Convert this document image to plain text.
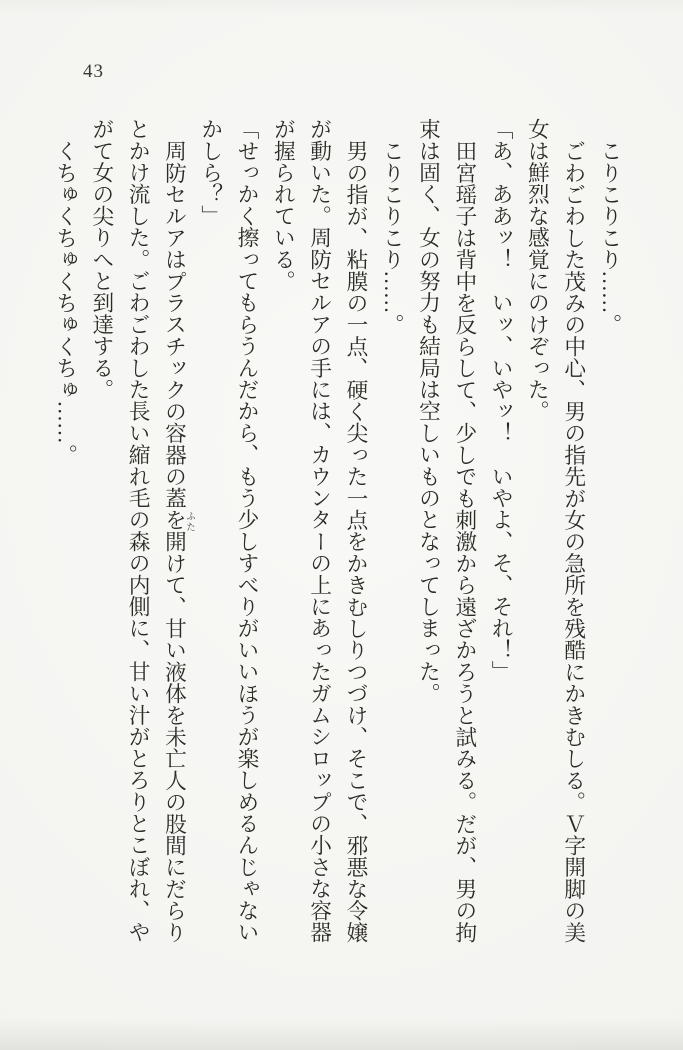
43

こりこりこり……。

ごわごわした茂みの中心、男の指先が女の急所を残酷にかきむしる。Ｖ字開脚の美女は鮮烈な感覚にのけぞった。

「あ、ああッ！　いッ、いやッ！　いやよ、そ、それ！」

田宮瑶子は背中を反らして、少しでも刺激から遠ざかろうと試みる。だが、男の拘束は固く、女の努力も結局は空しいものとなってしまった。

こりこりこり……。

男の指が、粘膜の一点、硬く尖った一点をかきむしりつづけ、そこで、邪悪な令嬢が動いた。周防セルアの手には、カウンターの上にあったガムシロップの小さな容器が握られている。

「せっかく擦ってもらうんだから、もう少しすべりがいいほうが楽しめるんじゃないかしら？」

周防セルアはプラスチックの容器の蓋
ふた
を開けて、甘い液体を未亡人の股間にだらりとかけ流した。ごわごわした長い縮れ毛の森の内側に、甘い汁がとろりとこぼれ、やがて女の尖りへと到達する。

くちゅくちゅくちゅくちゅ……。
